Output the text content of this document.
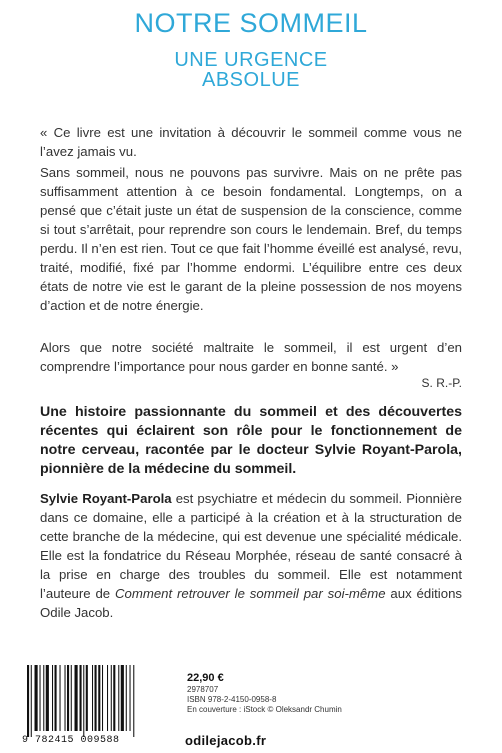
NOTRE SOMMEIL
UNE URGENCE
ABSOLUE
« Ce livre est une invitation à découvrir le sommeil comme vous ne l’avez jamais vu.
Sans sommeil, nous ne pouvons pas survivre. Mais on ne prête pas suffisamment attention à ce besoin fondamental. Longtemps, on a pensé que c’était juste un état de suspension de la conscience, comme si tout s’arrêtait, pour reprendre son cours le lendemain. Bref, du temps perdu. Il n’en est rien. Tout ce que fait l’homme éveillé est analysé, revu, traité, modifié, fixé par l’homme endormi. L’équilibre entre ces deux états de notre vie est le garant de la pleine possession de nos moyens d’action et de notre énergie.
Alors que notre société maltraite le sommeil, il est urgent d’en comprendre l’importance pour nous garder en bonne santé. »
S. R.-P.
Une histoire passionnante du sommeil et des découvertes récentes qui éclairent son rôle pour le fonctionnement de notre cerveau, racontée par le docteur Sylvie Royant-Parola, pionnière de la médecine du sommeil.
Sylvie Royant-Parola est psychiatre et médecin du sommeil. Pionnière dans ce domaine, elle a participé à la création et à la structuration de cette branche de la médecine, qui est devenue une spécialité médicale. Elle est la fondatrice du Réseau Morphée, réseau de santé consacré à la prise en charge des troubles du sommeil. Elle est notamment l’auteure de Comment retrouver le sommeil par soi-même aux éditions Odile Jacob.
9 782415 009588
22,90 €
2978707
ISBN 978-2-4150-0958-8
En couverture : iStock © Oleksandr Chumin
odilejacob.fr
